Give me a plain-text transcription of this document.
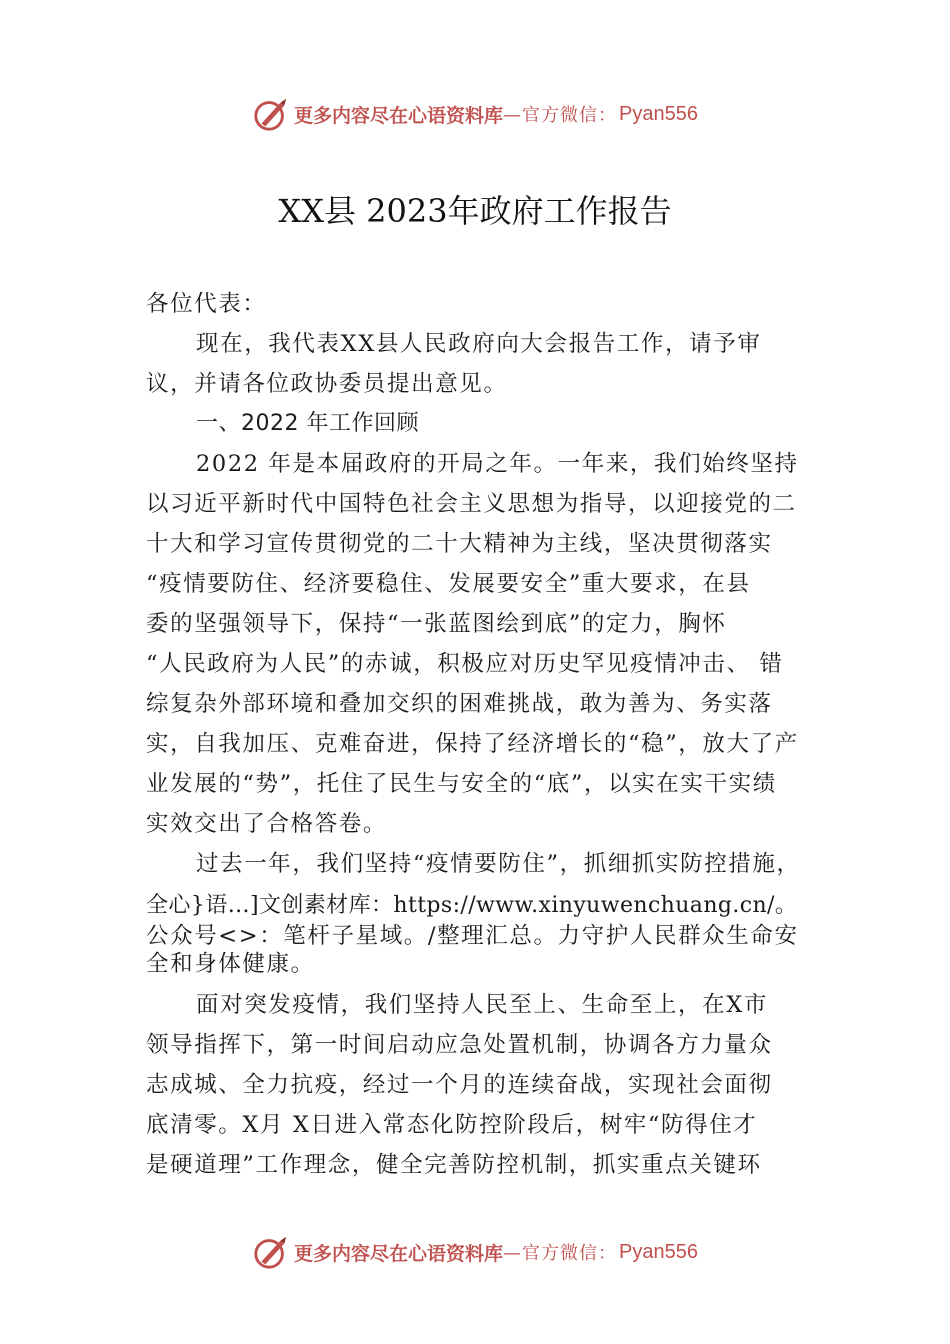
更多内容尽在心语资料库 —官方微信： Pyan556
XX县 2023年政府工作报告
各位代表：
现在，我代表XX县人民政府向大会报告工作，请予审
议，并请各位政协委员提出意见。
一、2022 年工作回顾
2022 年是本届政府的开局之年。一年来，我们始终坚持
以习近平新时代中国特色社会主义思想为指导，以迎接党的二
十大和学习宣传贯彻党的二十大精神为主线，坚决贯彻落实
“疫情要防住、经济要稳住、发展要安全”重大要求，在县
委的坚强领导下，保持“一张蓝图绘到底”的定力，胸怀
“人民政府为人民”的赤诚，积极应对历史罕见疫情冲击、 错
综复杂外部环境和叠加交织的困难挑战，敢为善为、务实落
实，自我加压、克难奋进，保持了经济增长的“稳”，放大了产
业发展的“势”，托住了民生与安全的“底”，以实在实干实绩
实效交出了合格答卷。
过去一年，我们坚持“疫情要防住”，抓细抓实防控措施，
全心}语…]文创素材库：https://www.xinyuwenchuang.cn/。
公众号<>：笔杆子星域。/整理汇总。力守护人民群众生命安
全和身体健康。
面对突发疫情，我们坚持人民至上、生命至上，在X市
领导指挥下，第一时间启动应急处置机制，协调各方力量众
志成城、全力抗疫，经过一个月的连续奋战，实现社会面彻
底清零。X月 X日进入常态化防控阶段后，树牢“防得住才
是硬道理”工作理念，健全完善防控机制，抓实重点关键环
更多内容尽在心语资料库 —官方微信： Pyan556
